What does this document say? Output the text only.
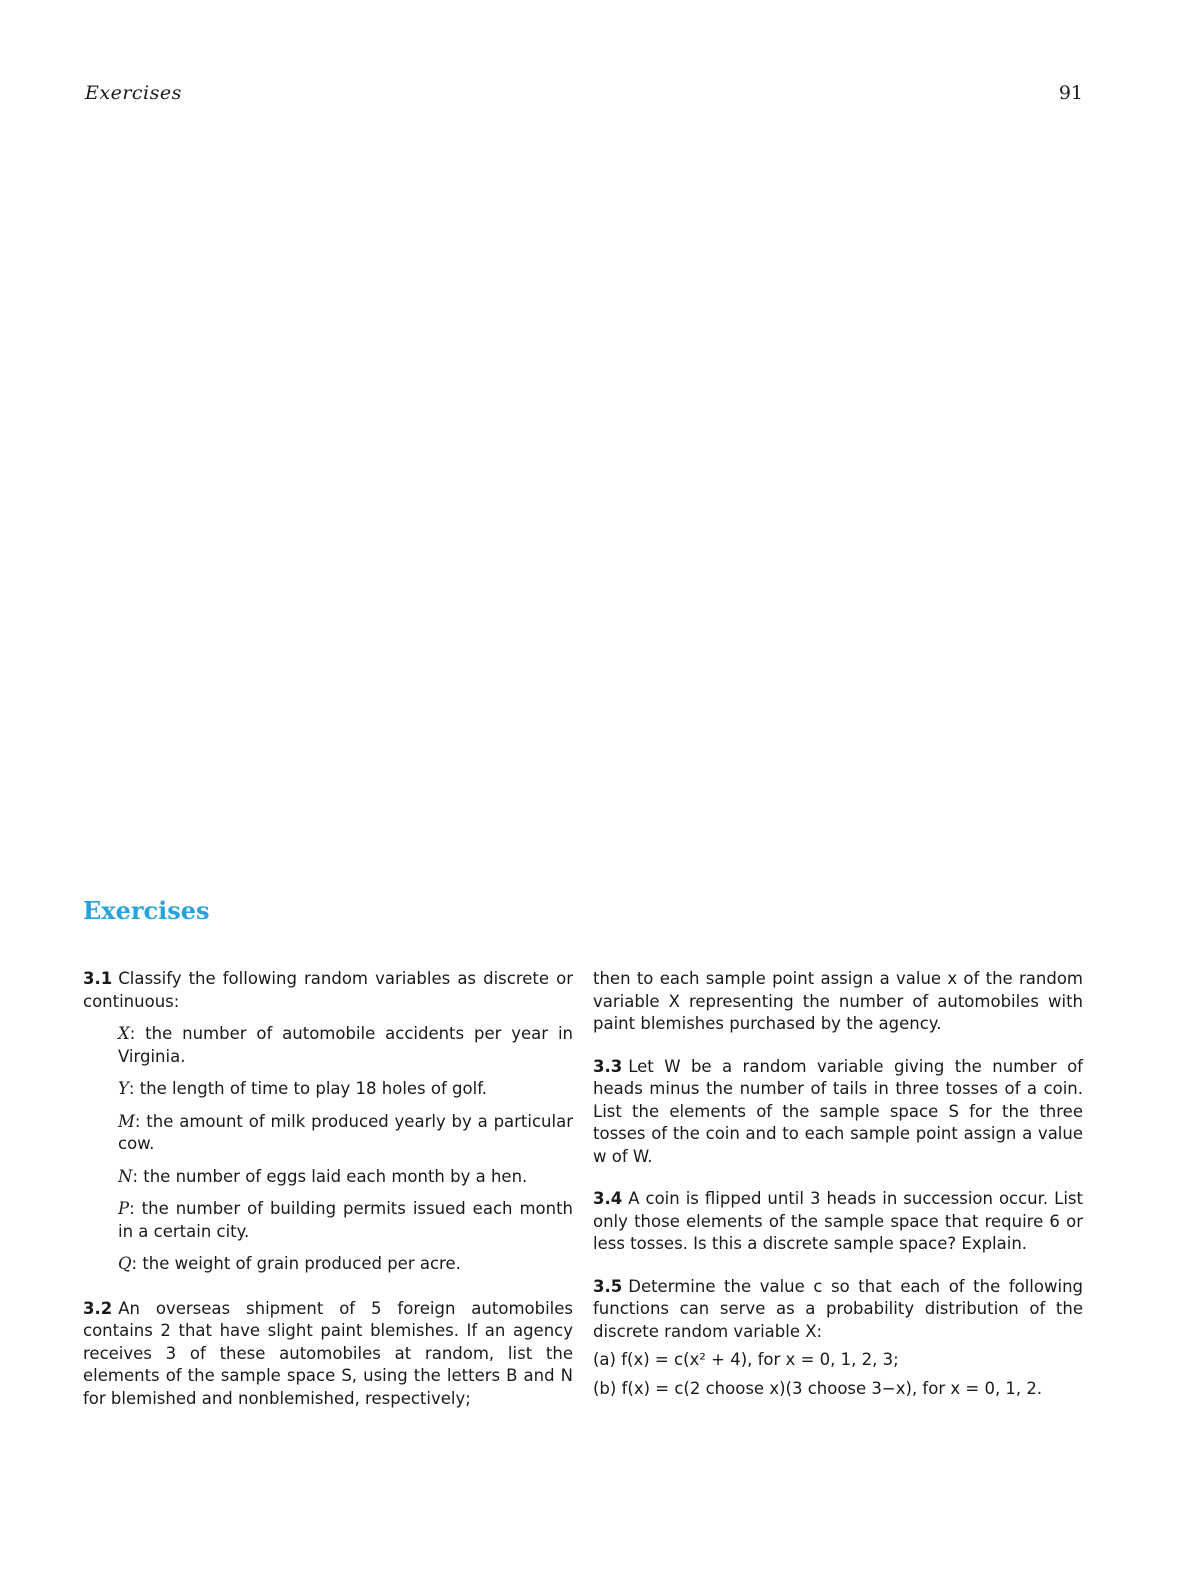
Exercises	91
Exercises
3.1 Classify the following random variables as discrete or continuous:
X: the number of automobile accidents per year in Virginia.
Y: the length of time to play 18 holes of golf.
M: the amount of milk produced yearly by a particular cow.
N: the number of eggs laid each month by a hen.
P: the number of building permits issued each month in a certain city.
Q: the weight of grain produced per acre.
3.2 An overseas shipment of 5 foreign automobiles contains 2 that have slight paint blemishes. If an agency receives 3 of these automobiles at random, list the elements of the sample space S, using the letters B and N for blemished and nonblemished, respectively;
then to each sample point assign a value x of the random variable X representing the number of automobiles with paint blemishes purchased by the agency.
3.3 Let W be a random variable giving the number of heads minus the number of tails in three tosses of a coin. List the elements of the sample space S for the three tosses of the coin and to each sample point assign a value w of W.
3.4 A coin is flipped until 3 heads in succession occur. List only those elements of the sample space that require 6 or less tosses. Is this a discrete sample space? Explain.
3.5 Determine the value c so that each of the following functions can serve as a probability distribution of the discrete random variable X:
(a) f(x) = c(x² + 4), for x = 0, 1, 2, 3;
(b) f(x) = c(2 choose x)(3 choose 3−x), for x = 0, 1, 2.
